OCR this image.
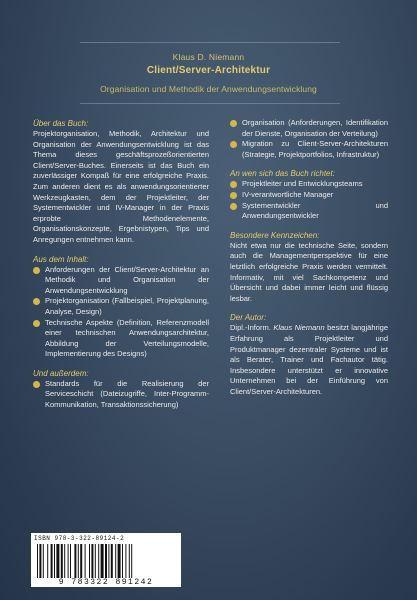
Klaus D. Niemann
Client/Server-Architektur
Organisation und Methodik der Anwendungsentwicklung

Über das Buch:

Projektorganisation, Methodik, Architektur und Organisation der Anwendungsentwicklung ist das Thema dieses geschäftsprozeßorientierten Client/Server-Buches. Einerseits ist das Buch ein zuverlässiger Kompaß für eine erfolgreiche Praxis. Zum anderen dient es als anwendungsorientierter Werkzeugkasten, dem der Projektleiter, der Systementwickler und IV-Manager in der Praxis erprobte Methodenelemente, Organisationskonzepte, Ergebnistypen, Tips und Anregungen entnehmen kann.

Aus dem Inhalt:

Anforderungen der Client/Server-Architektur an Methodik und Organisation der Anwendungsentwicklung
Projektorganisation (Fallbeispiel, Projektplanung, Analyse, Design)
Technische Aspekte (Definition, Referenzmodell einer technischen Anwendungsarchitektur, Abbildung der Verteilungsmodelle, Implementierung des Designs)

Und außerdem:

Standards für die Realisierung der Serviceschicht (Dateizugriffe, Inter-Programm-Kommunikation, Transaktionssicherung)
Organisation (Anforderungen, Identifikation der Dienste, Organisation der Verteilung)
Migration zu Client-Server-Architekturen (Strategie, Projektportfolios, Infrastruktur)

An wen sich das Buch richtet:

Projektleiter und Entwicklungsteams
IV-verantwortliche Manager
Systementwickler und Anwendungsentwickler

Besondere Kennzeichen:

Nicht etwa nur die technische Seite, sondern auch die Managementperspektive für eine letztlich erfolgreiche Praxis werden vermittelt. Informativ, mit viel Sachkompetenz und Übersicht und dabei immer leicht und flüssig lesbar.

Der Autor:

Dipl.-Inform. Klaus Niemann besitzt langjährige Erfahrung als Projektleiter und Produktmanager dezentraler Systeme und ist als Berater, Trainer und Fachautor tätig. Insbesondere unterstützt er innovative Unternehmen bei der Einführung von Client/Server-Architekturen.

ISBN 978-3-322-89124-2
9 783322 891242
